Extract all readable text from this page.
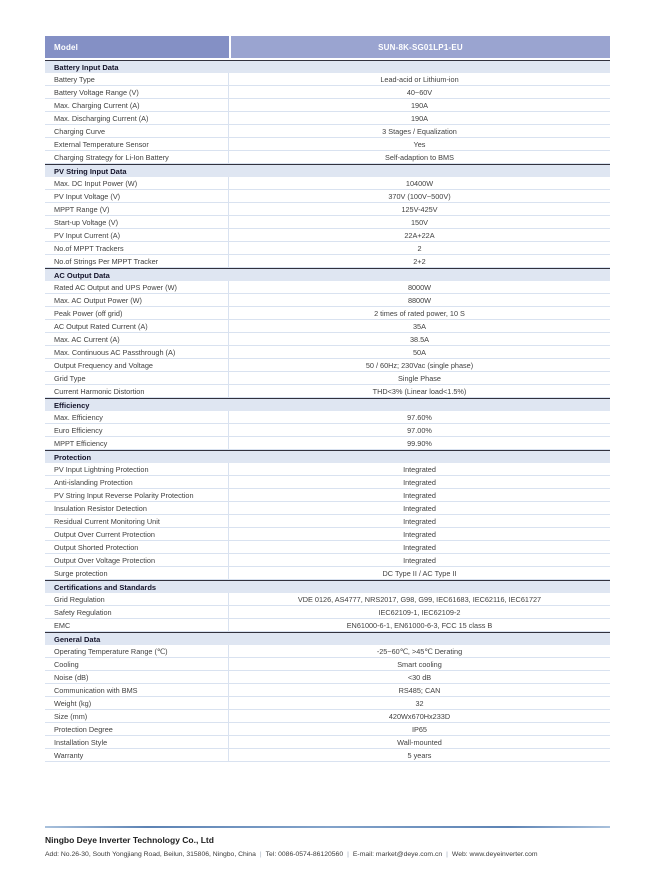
Model	SUN-8K-SG01LP1-EU
Battery Input Data
Battery Type	Lead-acid or Lithium-ion
Battery Voltage Range (V)	40~60V
Max. Charging Current (A)	190A
Max. Discharging Current (A)	190A
Charging Curve	3 Stages / Equalization
External Temperature Sensor	Yes
Charging Strategy for Li-Ion Battery	Self-adaption to BMS
PV String Input Data
Max. DC Input Power (W)	10400W
PV Input Voltage (V)	370V (100V~500V)
MPPT Range (V)	125V-425V
Start-up Voltage (V)	150V
PV Input Current (A)	22A+22A
No.of MPPT Trackers	2
No.of Strings Per MPPT Tracker	2+2
AC Output Data
Rated AC Output and UPS Power (W)	8000W
Max. AC Output Power (W)	8800W
Peak Power (off grid)	2 times of rated power, 10 S
AC Output Rated Current (A)	35A
Max. AC Current (A)	38.5A
Max. Continuous AC Passthrough (A)	50A
Output Frequency and Voltage	50 / 60Hz; 230Vac (single phase)
Grid Type	Single Phase
Current Harmonic Distortion	THD<3% (Linear load<1.5%)
Efficiency
Max. Efficiency	97.60%
Euro Efficiency	97.00%
MPPT Efficiency	99.90%
Protection
PV Input Lightning Protection	Integrated
Anti-islanding Protection	Integrated
PV String Input Reverse Polarity Protection	Integrated
Insulation Resistor Detection	Integrated
Residual Current Monitoring Unit	Integrated
Output Over Current Protection	Integrated
Output Shorted Protection	Integrated
Output Over Voltage Protection	Integrated
Surge protection	DC Type II / AC Type II
Certifications and Standards
Grid Regulation	VDE 0126, AS4777, NRS2017, G98, G99, IEC61683, IEC62116, IEC61727
Safety Regulation	IEC62109-1, IEC62109-2
EMC	EN61000-6-1, EN61000-6-3, FCC 15 class B
General Data
Operating Temperature Range (℃)	-25~60℃, >45℃ Derating
Cooling	Smart cooling
Noise (dB)	<30 dB
Communication with BMS	RS485; CAN
Weight (kg)	32
Size (mm)	420Wx670Hx233D
Protection Degree	IP65
Installation Style	Wall-mounted
Warranty	5 years
Ningbo Deye Inverter Technology Co., Ltd
Add: No.26-30, South Yongjiang Road, Beilun, 315806, Ningbo, China | Tel: 0086-0574-86120560 | E-mail: market@deye.com.cn | Web: www.deyeinverter.com
